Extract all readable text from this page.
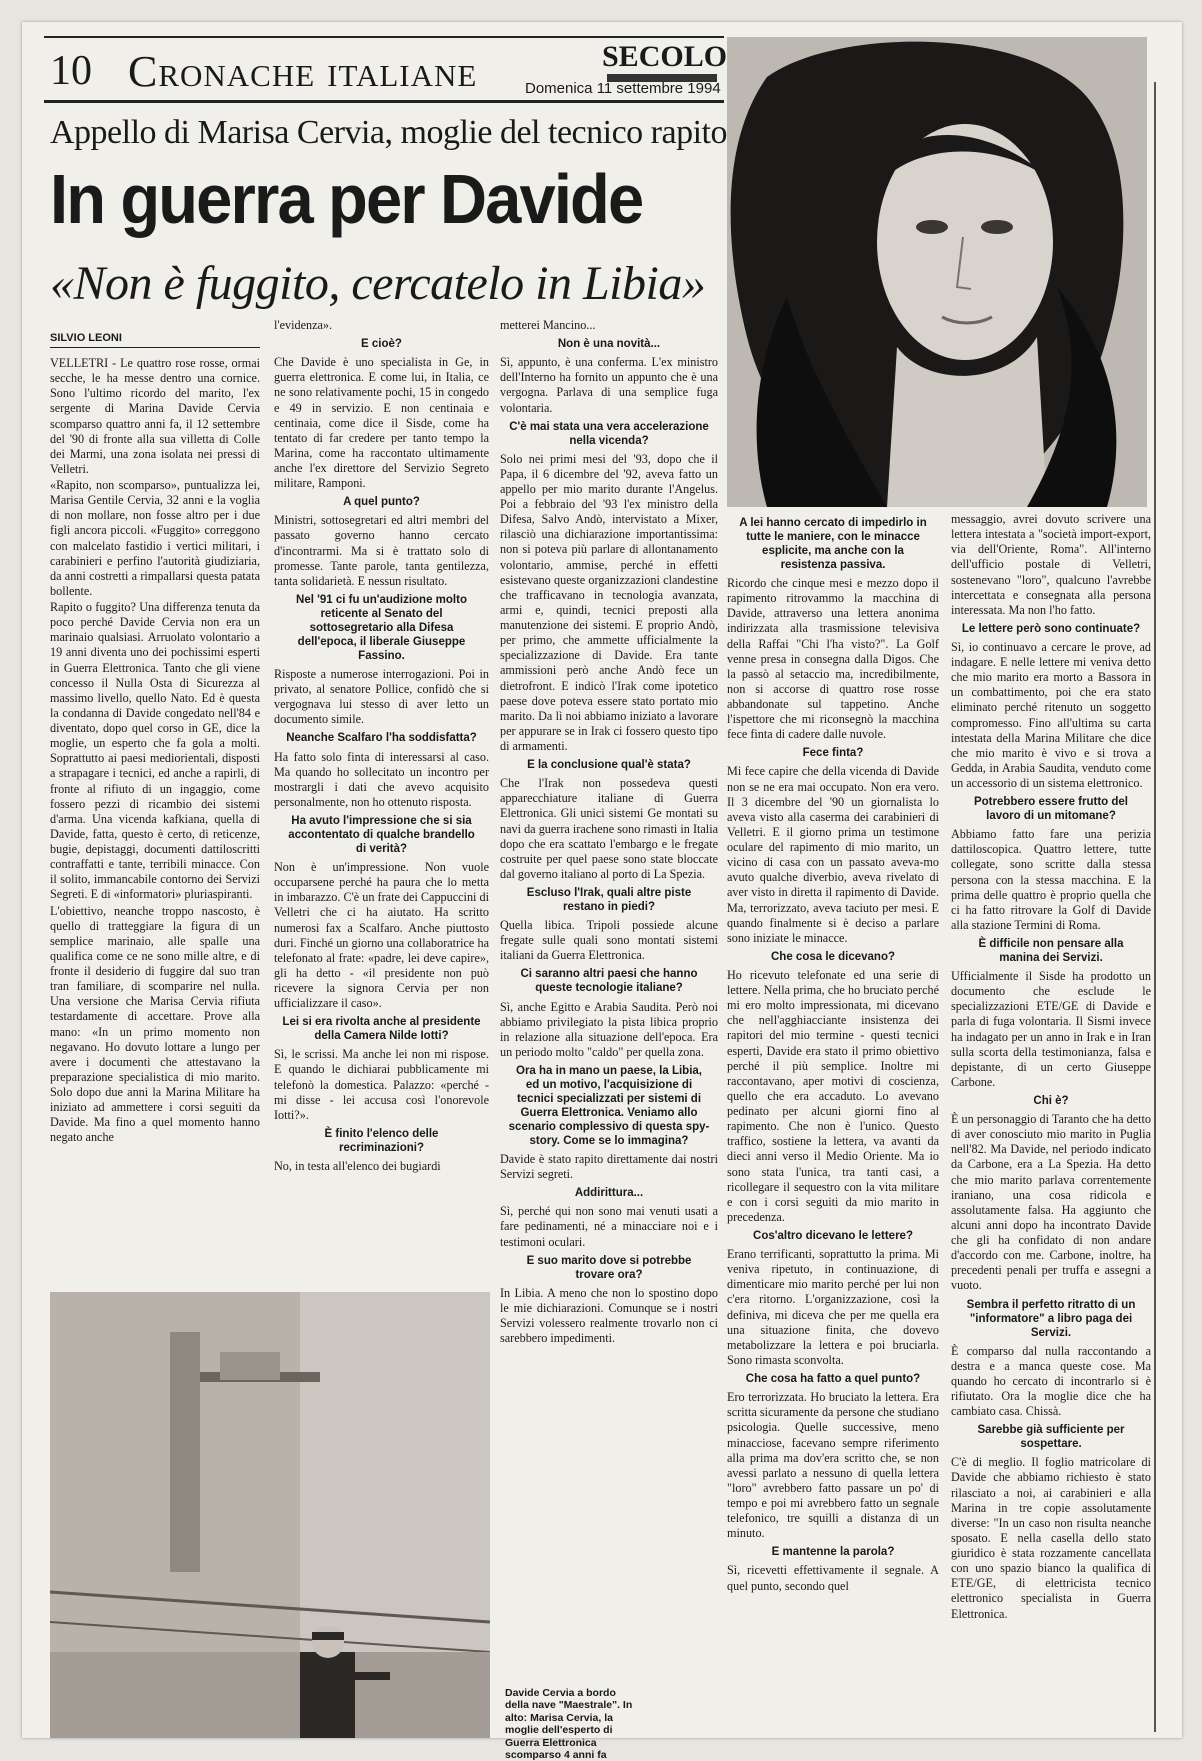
10 Cronache italiane	SECOLO
Domenica 11 settembre 1994
Appello di Marisa Cervia, moglie del tecnico rapito
In guerra per Davide
«Non è fuggito, cercatelo in Libia»
SILVIO LEONI

VELLETRI - Le quattro rose rosse, ormai secche, le ha messe dentro una cornice. Sono l'ultimo ricordo del marito, l'ex sergente di Marina Davide Cervia scomparso quattro anni fa, il 12 settembre del '90 di fronte alla sua villetta di Colle dei Marmi, una zona isolata nei pressi di Velletri.

«Rapito, non scomparso», puntualizza lei, Marisa Gentile Cervia, 32 anni e la voglia di non mollare, non fosse altro per i due figli ancora piccoli. «Fuggito» correggono con malcelato fastidio i vertici militari, i carabinieri e perfino l'autorità giudiziaria, da anni costretti a rimpallarsi questa patata bollente.

Rapito o fuggito? Una differenza tenuta da poco perché Davide Cervia non era un marinaio qualsiasi. Arruolato volontario a 19 anni diventa uno dei pochissimi esperti in Guerra Elettronica. Tanto che gli viene concesso il Nulla Osta di Sicurezza al massimo livello, quello Nato. Ed è questa la condanna di Davide congedato nell'84 e diventato, dopo quel corso in GE, dice la moglie, un esperto che fa gola a molti. Soprattutto ai paesi mediorientali, disposti a strapagare i tecnici, ed anche a rapirli, di fronte al rifiuto di un ingaggio, come fossero pezzi di ricambio dei sistemi d'arma. Una vicenda kafkiana, quella di Davide, fatta, questo è certo, di reticenze, bugie, depistaggi, documenti dattiloscritti contraffatti e tante, terribili minacce. Con il solito, immancabile contorno dei Servizi Segreti. E di «informatori» pluriaspiranti.

L'obiettivo, neanche troppo nascosto, è quello di tratteggiare la figura di un semplice marinaio, alle spalle una qualifica come ce ne sono mille altre, e di fronte il desiderio di fuggire dal suo tran tran familiare, di scomparire nel nulla. Una versione che Marisa Cervia rifiuta testardamente di accettare. Prove alla mano: «In un primo momento non negavano. Ho dovuto lottare a lungo per avere i documenti che attestavano la preparazione specialistica di mio marito. Solo dopo due anni la Marina Militare ha iniziato ad ammettere i corsi seguiti da Davide. Ma fino a quel momento hanno negato anche

l'evidenza».

E cioè?

Che Davide è uno specialista in Ge, in guerra elettronica. E come lui, in Italia, ce ne sono relativamente pochi, 15 in congedo e 49 in servizio. E non centinaia e centinaia, come dice il Sisde, come ha tentato di far credere per tanto tempo la Marina, come ha raccontato ultimamente anche l'ex direttore del Servizio Segreto militare, Ramponi.

A quel punto?

Ministri, sottosegretari ed altri membri del passato governo hanno cercato d'incontrarmi. Ma si è trattato solo di promesse. Tante parole, tanta gentilezza, tanta solidarietà. E nessun risultato.

Nel '91 ci fu un'audizione molto reticente al Senato del sottosegretario alla Difesa dell'epoca, il liberale Giuseppe Fassino.

Risposte a numerose interrogazioni. Poi in privato, al senatore Pollice, confidò che si vergognava lui stesso di aver letto un documento simile.

Neanche Scalfaro l'ha soddisfatta?

Ha fatto solo finta di interessarsi al caso. Ma quando ho sollecitato un incontro per mostrargli i dati che avevo acquisito personalmente, non ho ottenuto risposta.

Ha avuto l'impressione che si sia accontentato di qualche brandello di verità?

Non è un'impressione. Non vuole occuparsene perché ha paura che lo metta in imbarazzo. C'è un frate dei Cappuccini di Velletri che ci ha aiutato. Ha scritto numerosi fax a Scalfaro. Anche piuttosto duri. Finché un giorno una collaboratrice ha telefonato al frate: «padre, lei deve capire», gli ha detto - «il presidente non può ricevere la signora Cervia per non ufficializzare il caso».

Lei si era rivolta anche al presidente della Camera Nilde Iotti?

Sì, le scrissi. Ma anche lei non mi rispose. E quando le dichiarai pubblicamente mi telefonò la domestica. Palazzo: «perché - mi disse - lei accusa così l'onorevole Iotti?».

È finito l'elenco delle recriminazioni?

No, in testa all'elenco dei bugiardi

metterei Mancino...

Non è una novità...

Sì, appunto, è una conferma. L'ex ministro dell'Interno ha fornito un appunto che è una vergogna. Parlava di una semplice fuga volontaria.

C'è mai stata una vera accelerazione nella vicenda?

Solo nei primi mesi del '93, dopo che il Papa, il 6 dicembre del '92, aveva fatto un appello per mio marito durante l'Angelus. Poi a febbraio del '93 l'ex ministro della Difesa, Salvo Andò, intervistato a Mixer, rilasciò una dichiarazione importantissima: non si poteva più parlare di allontanamento volontario, ammise, perché in effetti esistevano queste organizzazioni clandestine che trafficavano in tecnologia avanzata, armi e, quindi, tecnici preposti alla manutenzione dei sistemi. E proprio Andò, per primo, che ammette ufficialmente la specializzazione di Davide. Era tante ammissioni però anche Andò fece un dietrofront. E indicò l'Irak come ipotetico paese dove poteva essere stato portato mio marito. Da lì noi abbiamo iniziato a lavorare per appurare se in Irak ci fossero questo tipo di armamenti.

E la conclusione qual'è stata?

Che l'Irak non possedeva questi apparecchiature italiane di Guerra Elettronica. Gli unici sistemi Ge montati su navi da guerra irachene sono rimasti in Italia dopo che era scattato l'embargo e le fregate costruite per quel paese sono state bloccate dal governo italiano al porto di La Spezia.

Escluso l'Irak, quali altre piste restano in piedi?

Quella libica. Tripoli possiede alcune fregate sulle quali sono montati sistemi italiani da Guerra Elettronica.

Ci saranno altri paesi che hanno queste tecnologie italiane?

Sì, anche Egitto e Arabia Saudita. Però noi abbiamo privilegiato la pista libica proprio in relazione alla situazione dell'epoca. Era un periodo molto "caldo" per quella zona.

Ora ha in mano un paese, la Libia, ed un motivo, l'acquisizione di tecnici specializzati per sistemi di Guerra Elettronica. Veniamo allo scenario complessivo di questa spy-story. Come se lo immagina?

Davide è stato rapito direttamente dai nostri Servizi segreti.

Addirittura...

Sì, perché qui non sono mai venuti usati a fare pedinamenti, né a minacciare noi e i testimoni oculari.

E suo marito dove si potrebbe trovare ora?

In Libia. A meno che non lo spostino dopo le mie dichiarazioni. Comunque se i nostri Servizi volessero realmente trovarlo non ci sarebbero impedimenti.

A lei hanno cercato di impedirlo in tutte le maniere, con le minacce esplicite, ma anche con la resistenza passiva.

Ricordo che cinque mesi e mezzo dopo il rapimento ritrovammo la macchina di Davide, attraverso una lettera anonima indirizzata alla trasmissione televisiva della Raffai "Chi l'ha visto?". La Golf venne presa in consegna dalla Digos. Che la passò al setaccio ma, incredibilmente, non si accorse di quattro rose rosse abbandonate sul tappetino. Anche l'ispettore che mi riconsegnò la macchina fece finta di cadere dalle nuvole.

Fece finta?

Mi fece capire che della vicenda di Davide non se ne era mai occupato. Non era vero. Il 3 dicembre del '90 un giornalista lo aveva visto alla caserma dei carabinieri di Velletri. E il giorno prima un testimone oculare del rapimento di mio marito, un vicino di casa con un passato aveva-mo avuto qualche diverbio, aveva rivelato di aver visto in diretta il rapimento di Davide. Ma, terrorizzato, aveva taciuto per mesi. E quando finalmente si è deciso a parlare sono iniziate le minacce.

Che cosa le dicevano?

Ho ricevuto telefonate ed una serie di lettere. Nella prima, che ho bruciato perché mi ero molto impressionata, mi dicevano che nell'agghiacciante insistenza dei rapitori del mio termine - questi tecnici esperti, Davide era stato il primo obiettivo perché il più semplice. Inoltre mi raccontavano, aper motivi di coscienza, quello che era accaduto. Lo avevano pedinato per alcuni giorni fino al rapimento. Che non è l'unico. Questo traffico, sostiene la lettera, va avanti da dieci anni verso il Medio Oriente. Ma io sono stata l'unica, tra tanti casi, a ricollegare il sequestro con la vita militare e con i corsi seguiti da mio marito in precedenza.

Cos'altro dicevano le lettere?

Erano terrificanti, soprattutto la prima. Mi veniva ripetuto, in continuazione, di dimenticare mio marito perché per lui non c'era ritorno. L'organizzazione, così la definiva, mi diceva che per me quella era una situazione finita, che dovevo metabolizzare la lettera e poi bruciarla. Sono rimasta sconvolta.

Che cosa ha fatto a quel punto?

Ero terrorizzata. Ho bruciato la lettera. Era scritta sicuramente da persone che studiano psicologia. Quelle successive, meno minacciose, facevano sempre riferimento alla prima ma dov'era scritto che, se non avessi parlato a nessuno di quella lettera "loro" avrebbero fatto passare un po' di tempo e poi mi avrebbero fatto un segnale telefonico, tre squilli a distanza di un minuto.

E mantenne la parola?

Sì, ricevetti effettivamente il segnale. A quel punto, secondo quel

messaggio, avrei dovuto scrivere una lettera intestata a "società import-export, via dell'Oriente, Roma". All'interno dell'ufficio postale di Velletri, sostenevano "loro", qualcuno l'avrebbe intercettata e consegnata alla persona interessata. Ma non l'ho fatto.

Le lettere però sono continuate?

Sì, io continuavo a cercare le prove, ad indagare. E nelle lettere mi veniva detto che mio marito era morto a Bassora in un combattimento, poi che era stato eliminato perché ritenuto un soggetto compromesso. Fino all'ultima su carta intestata della Marina Militare che dice che mio marito è vivo e si trova a Gedda, in Arabia Saudita, venduto come un accessorio di un sistema elettronico.

Potrebbero essere frutto del lavoro di un mitomane?

Abbiamo fatto fare una perizia dattiloscopica. Quattro lettere, tutte collegate, sono scritte dalla stessa persona con la stessa macchina. E la prima delle quattro è proprio quella che ci ha fatto ritrovare la Golf di Davide alla stazione Termini di Roma.

È difficile non pensare alla manina dei Servizi.

Ufficialmente il Sisde ha prodotto un documento che esclude le specializzazioni ETE/GE di Davide e parla di fuga volontaria. Il Sismi invece ha indagato per un anno in Irak e in Iran sulla scorta della testimonianza, falsa e depistante, di un certo Giuseppe Carbone.

Chi è?

È un personaggio di Taranto che ha detto di aver conosciuto mio marito in Puglia nell'82. Ma Davide, nel periodo indicato da Carbone, era a La Spezia. Ha detto che mio marito parlava correntemente iraniano, una cosa ridicola e assolutamente falsa. Ha aggiunto che alcuni anni dopo ha incontrato Davide che gli ha confidato di non andare d'accordo con me. Carbone, inoltre, ha precedenti penali per truffa e assegni a vuoto.

Sembra il perfetto ritratto di un "informatore" a libro paga dei Servizi.

È comparso dal nulla raccontando a destra e a manca queste cose. Ma quando ho cercato di incontrarlo si è rifiutato. Ora la moglie dice che ha cambiato casa. Chissà.

Sarebbe già sufficiente per sospettare.

C'è di meglio. Il foglio matricolare di Davide che abbiamo richiesto è stato rilasciato a noi, ai carabinieri e alla Marina in tre copie assolutamente diverse: "In un caso non risulta neanche sposato. E nella casella dello stato giuridico è stata rozzamente cancellata con uno spazio bianco la qualifica di ETE/GE, di elettricista tecnico elettronico specialista in Guerra Elettronica.

Davide Cervia a bordo della nave "Maestrale". In alto: Marisa Cervia, la moglie dell'esperto di Guerra Elettronica scomparso 4 anni fa
